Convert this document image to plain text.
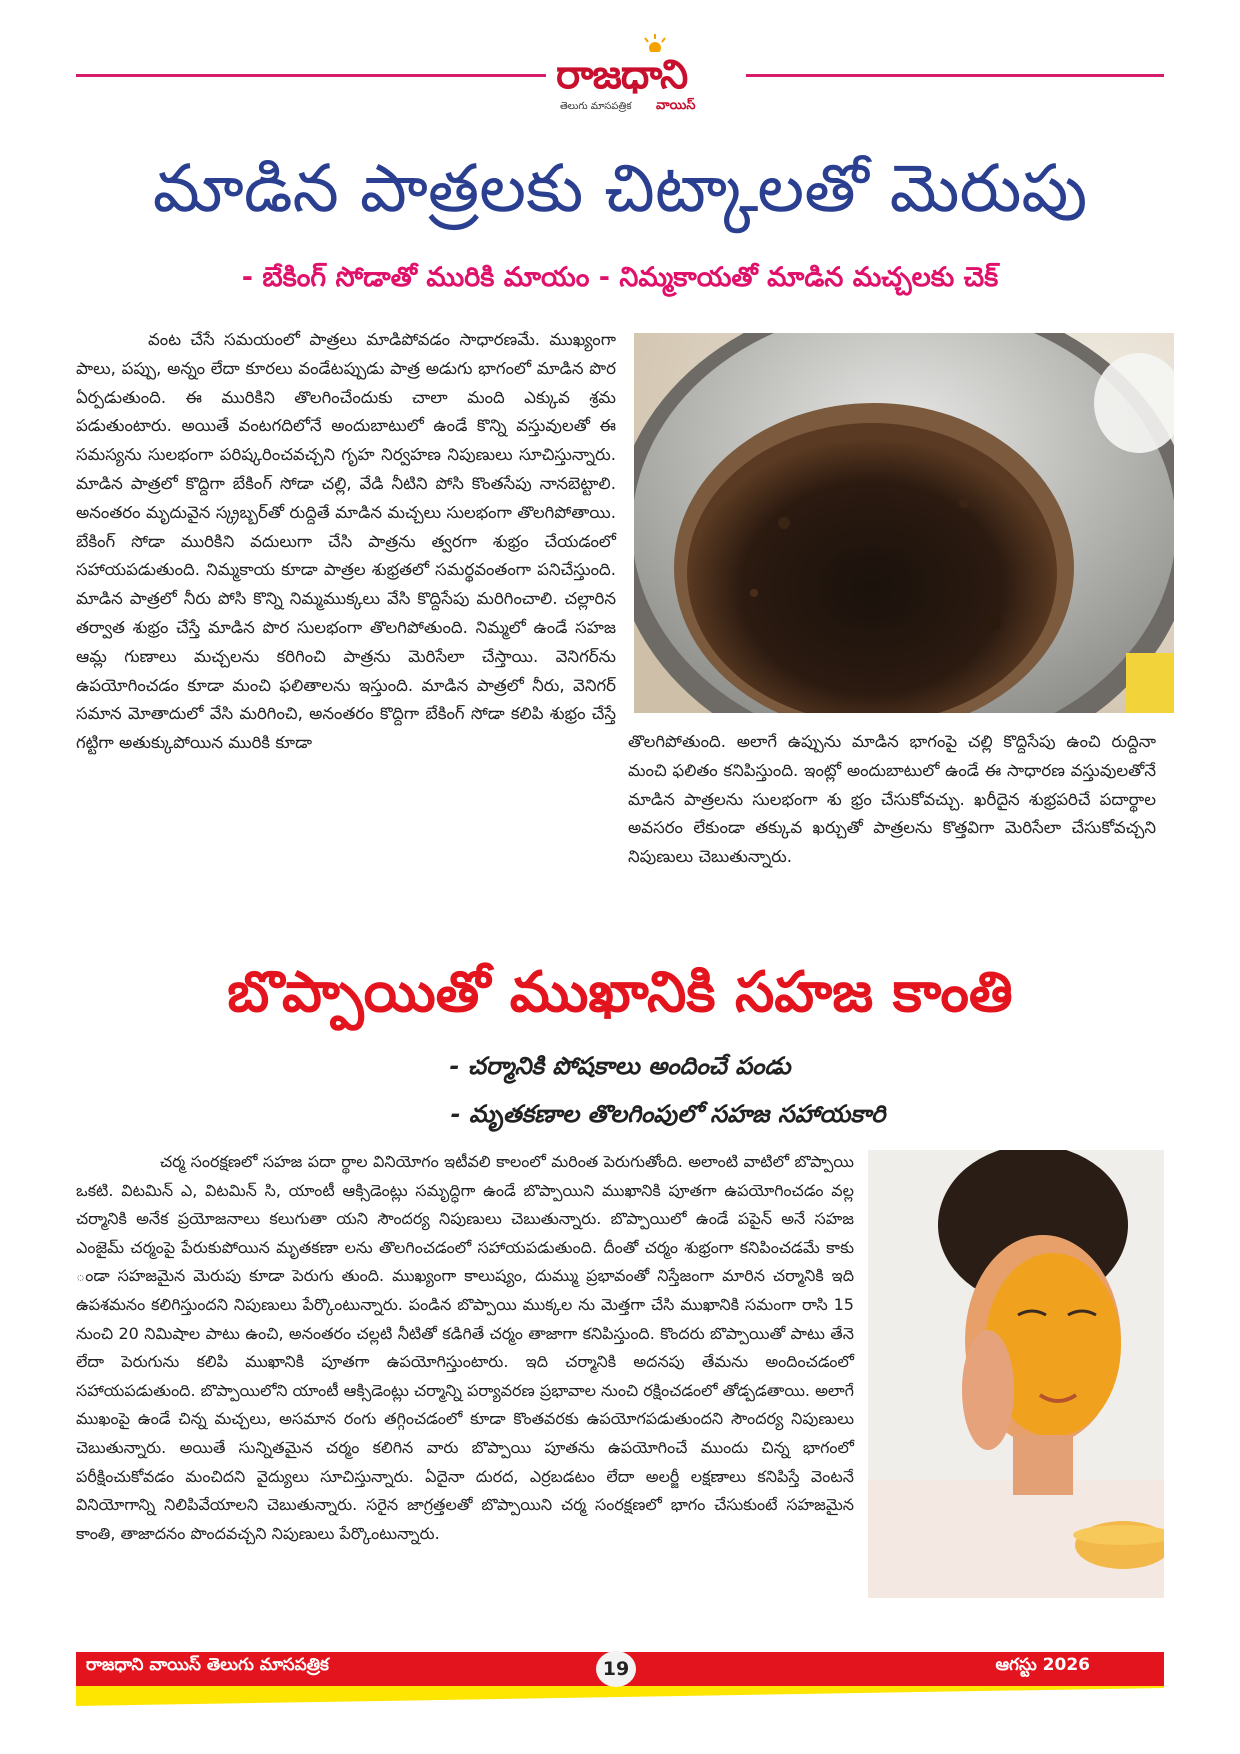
రాజధాని
తెలుగు మాసపత్రిక వాయిస్
మాడిన పాత్రలకు చిట్కాలతో మెరుపు
- బేకింగ్ సోడాతో మురికి మాయం - నిమ్మకాయతో మాడిన మచ్చలకు చెక్

వంట చేసే సమయంలో పాత్రలు మాడిపోవడం సాధారణమే. ముఖ్యంగా పాలు, పప్పు, అన్నం లేదా కూరలు వండేటప్పుడు పాత్ర అడుగు భాగంలో మాడిన పొర ఏర్పడుతుంది. ఈ మురికిని తొలగించేందుకు చాలా మంది ఎక్కువ శ్రమ పడుతుంటారు. అయితే వంటగదిలోనే అందుబాటులో ఉండే కొన్ని వస్తువులతో ఈ సమస్యను సులభంగా పరిష్కరించవచ్చని గృహ నిర్వహణ నిపుణులు సూచిస్తున్నారు. మాడిన పాత్రలో కొద్దిగా బేకింగ్ సోడా చల్లి, వేడి నీటిని పోసి కొంతసేపు నానబెట్టాలి. అనంతరం మృదువైన స్క్రబ్బర్‌తో రుద్దితే మాడిన మచ్చలు సులభంగా తొలగిపోతాయి. బేకింగ్ సోడా మురికిని వదులుగా చేసి పాత్రను త్వరగా శుభ్రం చేయడంలో సహాయపడుతుంది. నిమ్మకాయ కూడా పాత్రల శుభ్రతలో సమర్థవంతంగా పనిచేస్తుంది. మాడిన పాత్రలో నీరు పోసి కొన్ని నిమ్మముక్కలు వేసి కొద్దిసేపు మరిగించాలి. చల్లారిన తర్వాత శుభ్రం చేస్తే మాడిన పొర సులభంగా తొలగిపోతుంది. నిమ్మలో ఉండే సహజ ఆమ్ల గుణాలు మచ్చలను కరిగించి పాత్రను మెరిసేలా చేస్తాయి. వెనిగర్‌ను ఉపయోగించడం కూడా మంచి ఫలితాలను ఇస్తుంది. మాడిన పాత్రలో నీరు, వెనిగర్ సమాన మోతాదులో వేసి మరిగించి, అనంతరం కొద్దిగా బేకింగ్ సోడా కలిపి శుభ్రం చేస్తే గట్టిగా అతుక్కుపోయిన మురికి కూడా	తొలగిపోతుంది. అలాగే ఉప్పును మాడిన భాగంపై చల్లి కొద్దిసేపు ఉంచి రుద్దినా మంచి ఫలితం కనిపిస్తుంది. ఇంట్లో అందుబాటులో ఉండే ఈ సాధారణ వస్తువులతోనే మాడిన పాత్రలను సులభంగా శు భ్రం చేసుకోవచ్చు. ఖరీదైన శుభ్రపరిచే పదార్థాల అవసరం లేకుండా తక్కువ ఖర్చుతో పాత్రలను కొత్తవిగా మెరిసేలా చేసుకోవచ్చని నిపుణులు చెబుతున్నారు.

బొప్పాయితో ముఖానికి సహజ కాంతి
- చర్మానికి పోషకాలు అందించే పండు
- మృతకణాల తొలగింపులో సహజ సహాయకారి

చర్మ సంరక్షణలో సహజ పదా ర్థాల వినియోగం ఇటీవలి కాలంలో మరింత పెరుగుతోంది. అలాంటి వాటిలో బొప్పాయి ఒకటి. విటమిన్ ఎ, విటమిన్ సి, యాంటీ ఆక్సిడెంట్లు సమృద్ధిగా ఉండే బొప్పాయిని ముఖానికి పూతగా ఉపయోగించడం వల్ల చర్మానికి అనేక ప్రయోజనాలు కలుగుతా యని సౌందర్య నిపుణులు చెబుతున్నారు. బొప్పాయిలో ఉండే పపైన్ అనే సహజ ఎంజైమ్ చర్మంపై పేరుకుపోయిన మృతకణా లను తొలగించడంలో సహాయపడుతుంది. దీంతో చర్మం శుభ్రంగా కనిపించడమే కాకు ండా సహజమైన మెరుపు కూడా పెరుగు తుంది. ముఖ్యంగా కాలుష్యం, దుమ్ము ప్రభావంతో నిస్తేజంగా మారిన చర్మానికి ఇది ఉపశమనం కలిగిస్తుందని నిపుణులు పేర్కొంటున్నారు. పండిన బొప్పాయి ముక్కల ను మెత్తగా చేసి ముఖానికి సమంగా రాసి 15 నుంచి 20 నిమిషాల పాటు ఉంచి, అనంతరం చల్లటి నీటితో కడిగితే చర్మం తాజాగా కనిపిస్తుంది. కొందరు బొప్పాయితో పాటు తేనె లేదా పెరుగును కలిపి ముఖానికి పూతగా ఉపయోగిస్తుంటారు. ఇది చర్మానికి అదనపు తేమను అందించడంలో సహాయపడుతుంది. బొప్పాయిలోని యాంటీ ఆక్సిడెంట్లు చర్మాన్ని పర్యావరణ ప్రభావాల నుంచి రక్షించడంలో తోడ్పడతాయి. అలాగే ముఖంపై ఉండే చిన్న మచ్చలు, అసమాన రంగు తగ్గించడంలో కూడా కొంతవరకు ఉపయోగపడుతుందని సౌందర్య నిపుణులు చెబుతున్నారు. అయితే సున్నితమైన చర్మం కలిగిన వారు బొప్పాయి పూతను ఉపయోగించే ముందు చిన్న భాగంలో పరీక్షించుకోవడం మంచిదని వైద్యులు సూచిస్తున్నారు. ఏదైనా దురద, ఎర్రబడటం లేదా అలర్జీ లక్షణాలు కనిపిస్తే వెంటనే వినియోగాన్ని నిలిపివేయాలని చెబుతున్నారు. సరైన జాగ్రత్తలతో బొప్పాయిని చర్మ సంరక్షణలో భాగం చేసుకుంటే సహజమైన కాంతి, తాజాదనం పొందవచ్చని నిపుణులు పేర్కొంటున్నారు.

రాజధాని వాయిస్ తెలుగు మాసపత్రిక	19	ఆగస్టు 2026
